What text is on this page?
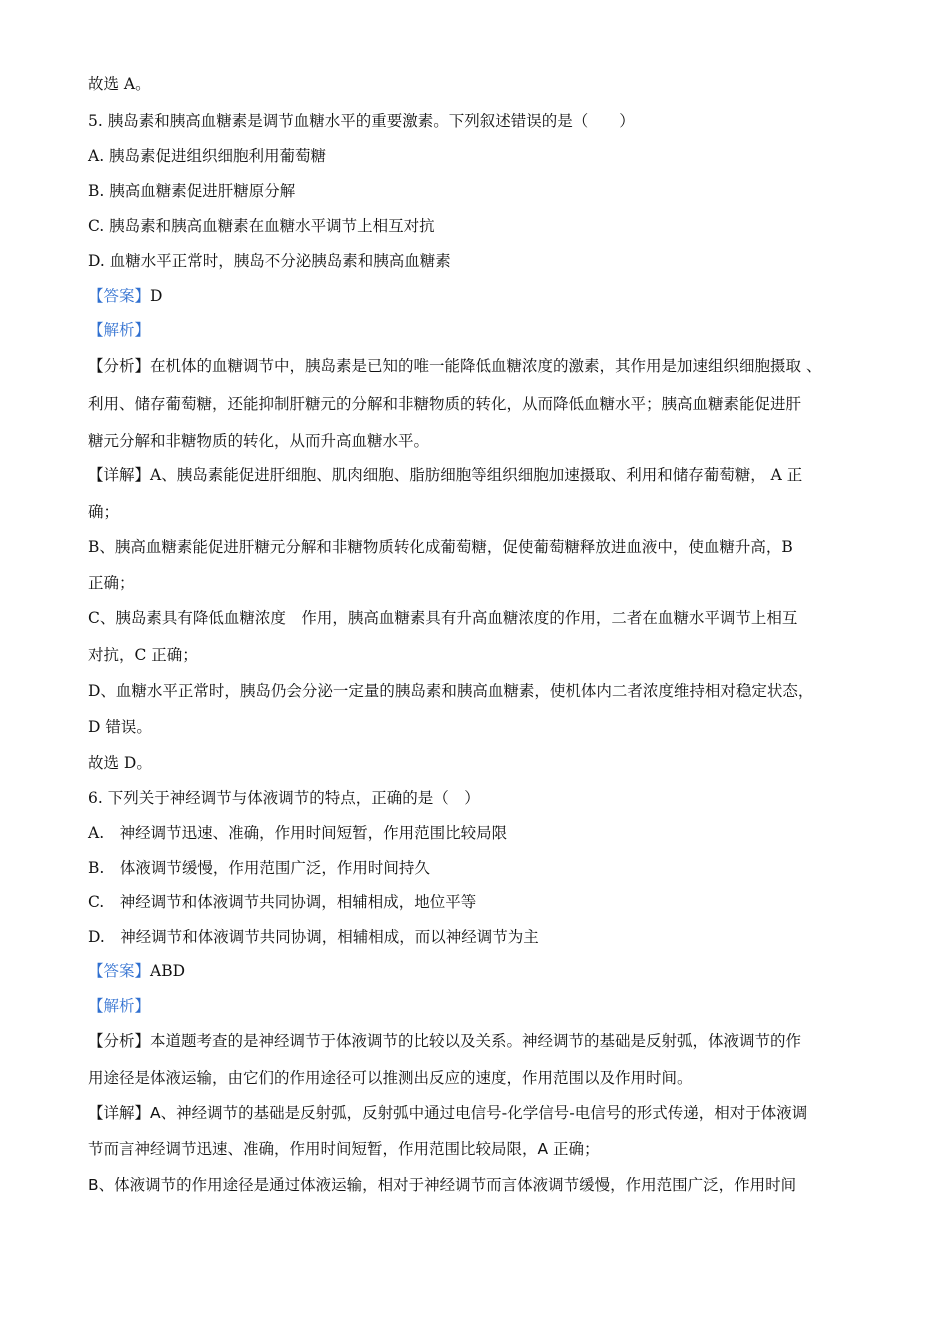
故选 A。
5. 胰岛素和胰高血糖素是调节血糖水平的重要激素。下列叙述错误的是（　　）
A. 胰岛素促进组织细胞利用葡萄糖
B. 胰高血糖素促进肝糖原分解
C. 胰岛素和胰高血糖素在血糖水平调节上相互对抗
D. 血糖水平正常时，胰岛不分泌胰岛素和胰高血糖素
【答案】D
【解析】
【分析】在机体的血糖调节中，胰岛素是已知的唯一能降低血糖浓度的激素，其作用是加速组织细胞摄取 、
利用、储存葡萄糖，还能抑制肝糖元的分解和非糖物质的转化，从而降低血糖水平；胰高血糖素能促进肝
糖元分解和非糖物质的转化，从而升高血糖水平。
【详解】A、胰岛素能促进肝细胞、肌肉细胞、脂肪细胞等组织细胞加速摄取、利用和储存葡萄糖， A 正
确；
B、胰高血糖素能促进肝糖元分解和非糖物质转化成葡萄糖，促使葡萄糖释放进血液中，使血糖升高，B
正确；
C、胰岛素具有降低血糖浓度　作用，胰高血糖素具有升高血糖浓度的作用，二者在血糖水平调节上相互
对抗，C 正确；
D、血糖水平正常时，胰岛仍会分泌一定量的胰岛素和胰高血糖素，使机体内二者浓度维持相对稳定状态，
D 错误。
故选 D。
6. 下列关于神经调节与体液调节的特点，正确的是（　）
A.　神经调节迅速、准确，作用时间短暂，作用范围比较局限
B.　体液调节缓慢，作用范围广泛，作用时间持久
C.　神经调节和体液调节共同协调，相辅相成，地位平等
D.　神经调节和体液调节共同协调，相辅相成，而以神经调节为主
【答案】ABD
【解析】
【分析】本道题考查的是神经调节于体液调节的比较以及关系。神经调节的基础是反射弧，体液调节的作
用途径是体液运输，由它们的作用途径可以推测出反应的速度，作用范围以及作用时间。
【详解】A、神经调节的基础是反射弧，反射弧中通过电信号-化学信号-电信号的形式传递，相对于体液调
节而言神经调节迅速、准确，作用时间短暂，作用范围比较局限，A 正确；
B、体液调节的作用途径是通过体液运输，相对于神经调节而言体液调节缓慢，作用范围广泛，作用时间
